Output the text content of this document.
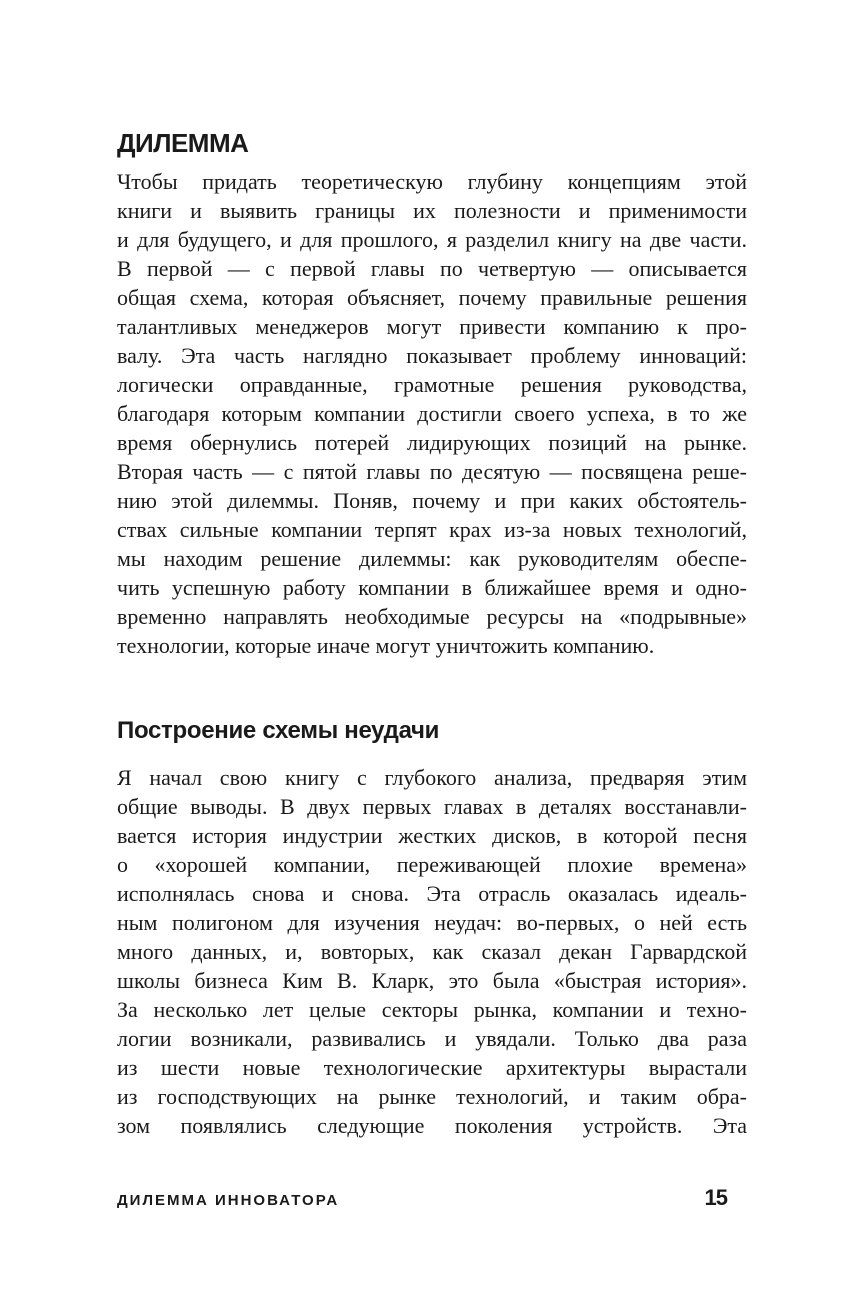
ДИЛЕММА
Чтобы придать теоретическую глубину концепциям этой
книги и выявить границы их полезности и применимости
и для будущего, и для прошлого, я разделил книгу на две части.
В первой — с первой главы по четвертую — описывается
общая схема, которая объясняет, почему правильные решения
талантливых менеджеров могут привести компанию к про-
валу. Эта часть наглядно показывает проблему инноваций:
логически оправданные, грамотные решения руководства,
благодаря которым компании достигли своего успеха, в то же
время обернулись потерей лидирующих позиций на рынке.
Вторая часть — с пятой главы по десятую — посвящена реше-
нию этой дилеммы. Поняв, почему и при каких обстоятель-
ствах сильные компании терпят крах из-за новых технологий,
мы находим решение дилеммы: как руководителям обеспе-
чить успешную работу компании в ближайшее время и одно-
временно направлять необходимые ресурсы на «подрывные»
технологии, которые иначе могут уничтожить компанию.
Построение схемы неудачи
Я начал свою книгу с глубокого анализа, предваряя этим
общие выводы. В двух первых главах в деталях восстанавли-
вается история индустрии жестких дисков, в которой песня
о «хорошей компании, переживающей плохие времена»
исполнялась снова и снова. Эта отрасль оказалась идеаль-
ным полигоном для изучения неудач: во-первых, о ней есть
много данных, и, вовторых, как сказал декан Гарвардской
школы бизнеса Ким В. Кларк, это была «быстрая история».
За несколько лет целые секторы рынка, компании и техно-
логии возникали, развивались и увядали. Только два раза
из шести новые технологические архитектуры вырастали
из господствующих на рынке технологий, и таким обра-
зом появлялись следующие поколения устройств. Эта
ДИЛЕММА ИННОВАТОРА	15
